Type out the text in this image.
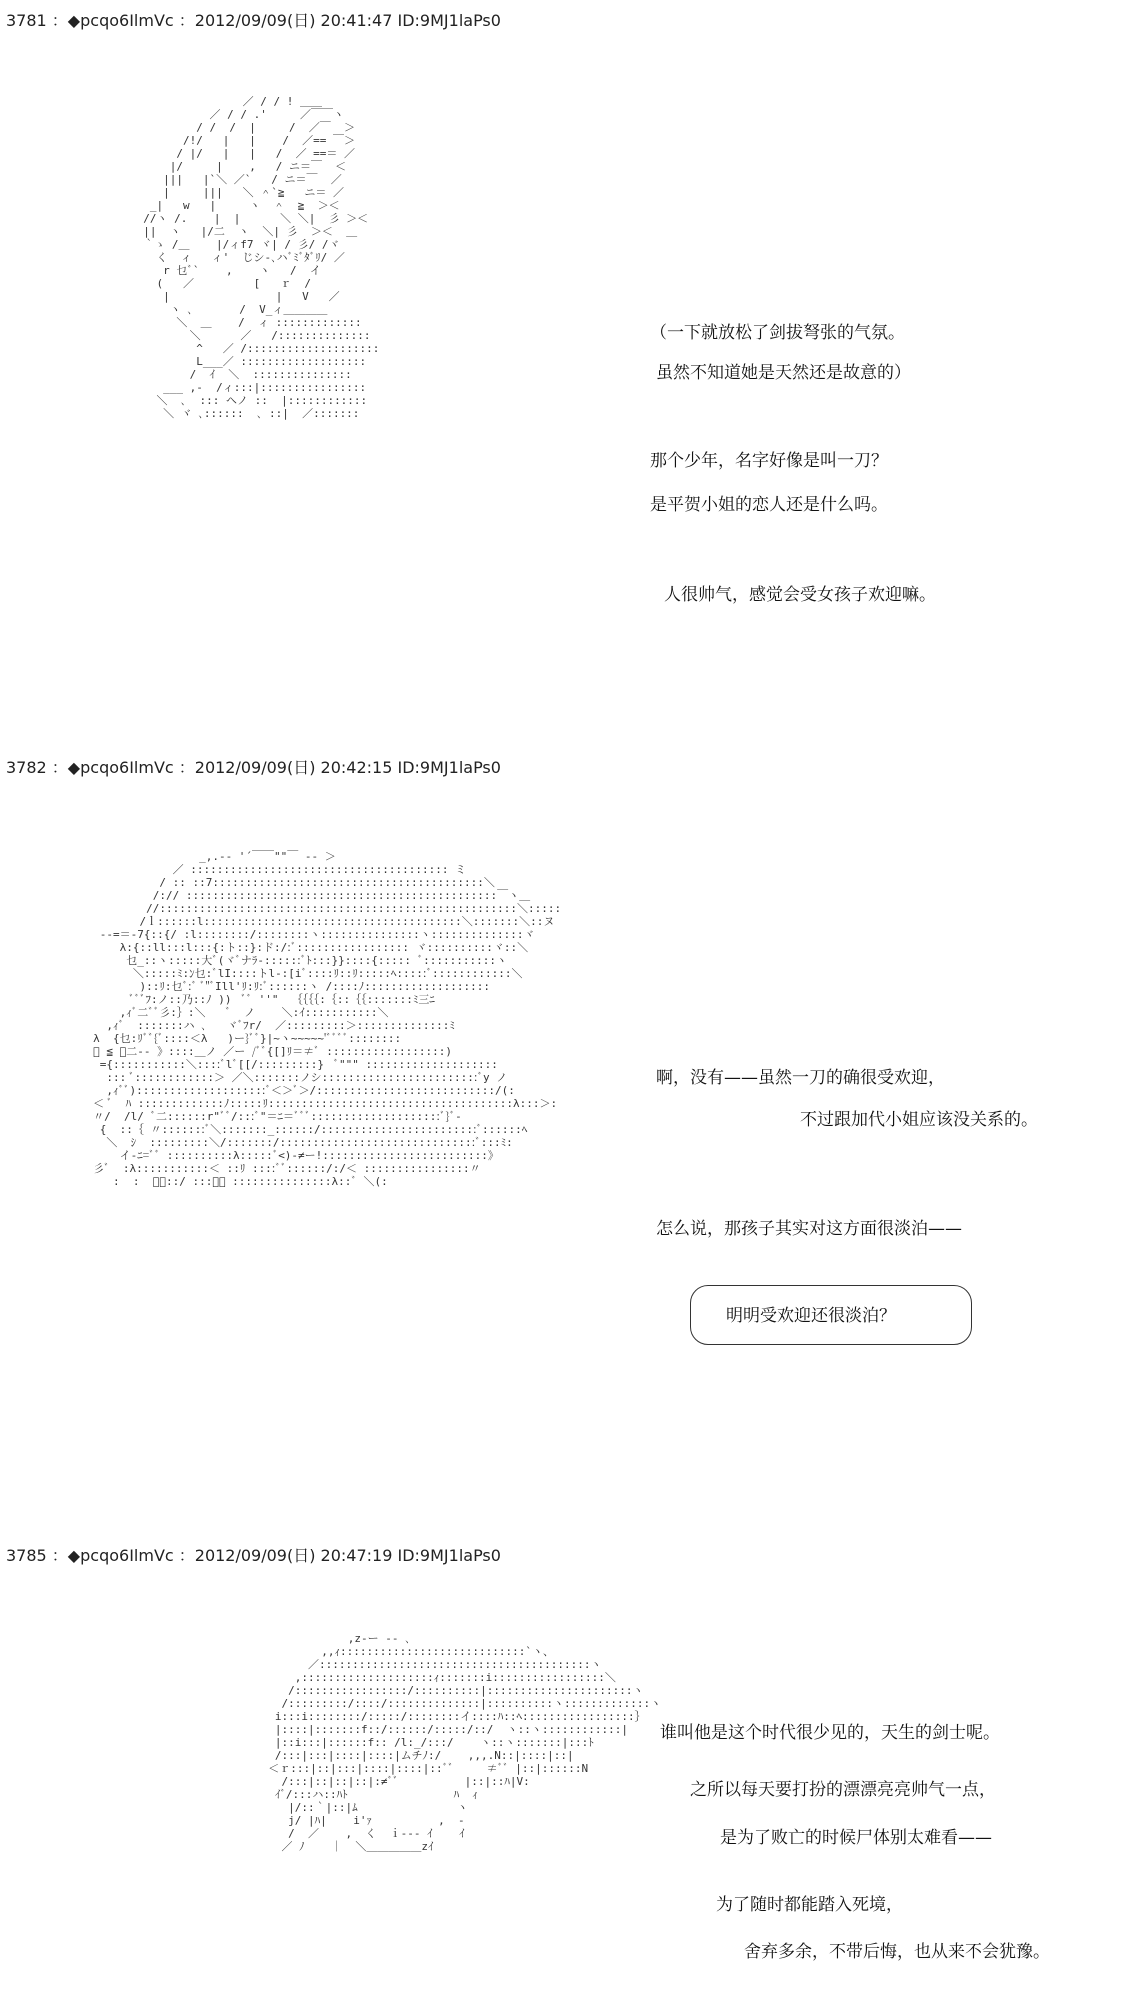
3781 ：◆pcqo6IlmVc ：2012/09/09(日) 20:41:47 ID:9MJ1laPs0
／ / / ! ＿＿
／ / / .'     ／￣￣ヽ
/ /  /  |     /  ／￣  ＞
/!/   |   |    /  ／== ￣＞
/ |/   |   |   /  ／ ==＝ ／
|/     |    ,   / ニ＝￣  ＜
|||   |`＼ ／`   / ニ＝￣  ／
|     |||   ＼ ＾`≧   ニ＝ ／
_|   w   |     ヽ  ＾  ≧  ＞＜
//ヽ /.    |  |      ＼ ＼|  彡 ＞＜
||  ヽ   |/二  ヽ  ＼| 彡  ＞＜  ＿
｀ゝ /＿    |/ィf7 ヾ| / 彡/ /ヾ
く  ィ   ィ'  じシ-､ハﾞﾐﾞﾀﾞﾘ/ ／
r 乜ﾞ`    ,    ヽ   /  イ
(   ／         [   ｒ  /
|                |   V   ／
ヽ ､       /  V_ィ＿＿＿＿
＼  ＿    /  ィ :::::::::::::
＼      ／   /::::::::::::::
^   ／ /::::::::::::::::::::
L___／ :::::::::::::::::::
/  ｲ  ＼  :::::::::::::::
___ ,-  /ィ:::|::::::::::::::::
＼  ､  ::: ヘノ ::  |::::::::::::
＼ ヾ ､::::::  ､ ::|  ／:::::::

（一下就放松了剑拔弩张的气氛。
虽然不知道她是天然还是故意的）
那个少年，名字好像是叫一刀？
是平贺小姐的恋人还是什么吗。
人很帅气，感觉会受女孩子欢迎嘛。
3782 ：◆pcqo6IlmVc ：2012/09/09(日) 20:42:15 ID:9MJ1laPs0
_,.-‐ '´￣￣""￣ ‐- ＞
／ ::::::::::::::::::::::::::::::::::::::: ミ
/ :: ::7:::::::::::::::::::::::::::::::::::::::::＼
/:// :::::::::::::::::::::::::::::::::::::::::::::::￣ヽ＿
//::::::::::::::::::::::::::::::::::::::::::::::::::::::＼:::::
/ｌ::::::l:::::::::::::::::::::::::::::::::::::::＼:::::::＼::ヌ
--=＝-7{::{/ :l::::::::/::::::::ヽ:::::::::::::::ヽ::::::::::::::ヾ
λ:{::ll:::l:::{:ト::}:ド:/:ﾞ::::::::::::::::: ヾ::::::::::ヾ::＼
乜_::ヽ:::::大ﾞ(ヾﾞナﾗ-::::::ﾞﾄ:::}}::::{::::: ﾞ:::::::::::ヽ
＼:::::ﾐ:ﾝ乜:ﾞlI::::トl-:[iﾞ::::ﾘ::ﾘ:::::ﾍ:::::ﾞ::::::::::::＼
)::ﾘ:乜ﾞ:ﾞ ﾞ"ﾞIll'ﾘ:ﾘ:ﾞ::::::ヽ /::::ﾉ:::::::::::::::::::
ﾞﾞﾞﾌ:ノ::乃::ﾉ ))  ﾞﾞ ''"  ｛｛｛｛:｛::｛｛:::::::ﾐ三ﾆ
,ｨﾞ二ﾞﾞ彡:｝:＼   ﾞ  ノ    ＼:ｲ:::::::::::＼
,ｨﾞ  :::::::ハ ､   ヾﾞﾌr/  ／:::::::::＞::::::::::::::ﾐ
λ  {乜:ﾘﾞﾞ{ﾞ::::＜λ   )ー}ﾞﾞ}|~ヽ~~~~~'ﾞﾞﾞﾞ::::::::
ﾞ ≦ ＿二-- 》::::＿ノ ／ー /ﾞﾞ{[]ﾘ＝≠ﾞ ::::::::::::::::::)
={:::::::::::＼::::ﾞlﾞ[[/:::::::::}  ﾞ""" ::::::::::::::::::::
::: ﾞ::::::::::::＞ ／＼:::::::ノシ::::::::::::::::::::::::ﾞy ノ
,ｨﾞﾞ)::::::::::::::::::::ﾞ＜＞ﾞ＞/:::::::::::::::::::::::::::/(:
＜ ﾞ  ﾊ :::::::::::::ﾉ:::::ﾘ:::::::::::::::::::::::::::::::::::::λ:::＞:
〃/  /l/ ﾞ二::::::r"ﾞﾞ/:::ﾞ"＝ﾆ＝ﾞﾞﾞ::::::::::::::::::::ﾞ}ﾞ-
{  ::｛ 〃:::::::ﾞ＼:::::::_::::::/::::::::::::::::::::::::ﾞ::::::ﾍ
＼  ｼ  :::::::::＼/:::::::/::::::::::::::::::::::::::::::ﾞ:::ﾐ:
イ-ﾆ=ﾞﾞ ::::::::::λ:::::ﾞ<)-≠ー!:::::::::::::::::::::::::》
彡ﾞ  :λ:::::::::::＜ ::ﾘ ::::ﾞﾞ::::::/:/＜ ::::::::::::::::〃
:  :  ﾞﾞ::/ :::／￣ :::::::::::::::λ::ﾞ ＼(:

啊，没有——虽然一刀的确很受欢迎，
不过跟加代小姐应该没关系的。
怎么说，那孩子其实对这方面很淡泊——
明明受欢迎还很淡泊？
3785 ：◆pcqo6IlmVc ：2012/09/09(日) 20:47:19 ID:9MJ1laPs0
,z‐ー ‐‐ ､
,,ｨ::::::::::::::::::::::::::::`ヽ、
／:::::::::::::::::::::::::::::::::::::::::ヽ
,::::::::::::::::::::ｨ:::::::i:::::::::::::::::＼
/:::::::::::::::::/::::::::::|::::::::::::::::::::::ヽ
/:::::::::/::::/::::::::::::::|::::::::::ヽ:::::::::::::ヽ
i:::i::::::::/:::::/::::::::イ::::ﾊ::ﾍ:::::::::::::::::｝
|::::|:::::::f::/::::::/:::::/::/  ヽ::ヽ::::::::::::|
|::i:::|::::::f:: /l:_/:::/    ヽ::ヽ:::::::|:::ﾄ
/:::|:::|::::|::::|ムチﾉ:/    ,,,.N::|::::|::|
＜ｒ:::|::|:::|::::|::::|::ﾞﾞ     ≠ﾞﾞ |::|::::::N
/:::|::|::|::|:≠ﾞﾞ          |::|::ﾊ|V:
ｲﾞ/:::ハ::ﾊﾄ                ﾊ  ｨ
|/::｀|::|ﾑ               ヽ
j/ |ﾊ|    i'ｧ          ,  -
/  ／    ,  く  ｉ‐‐‐ ｲ    ｲ
／ ﾉ    ｜  ＼＿＿＿＿＿zｲ

谁叫他是这个时代很少见的，天生的剑士呢。
之所以每天要打扮的漂漂亮亮帅气一点，
是为了败亡的时候尸体别太难看——
为了随时都能踏入死境，
舍弃多余，不带后悔，也从来不会犹豫。
